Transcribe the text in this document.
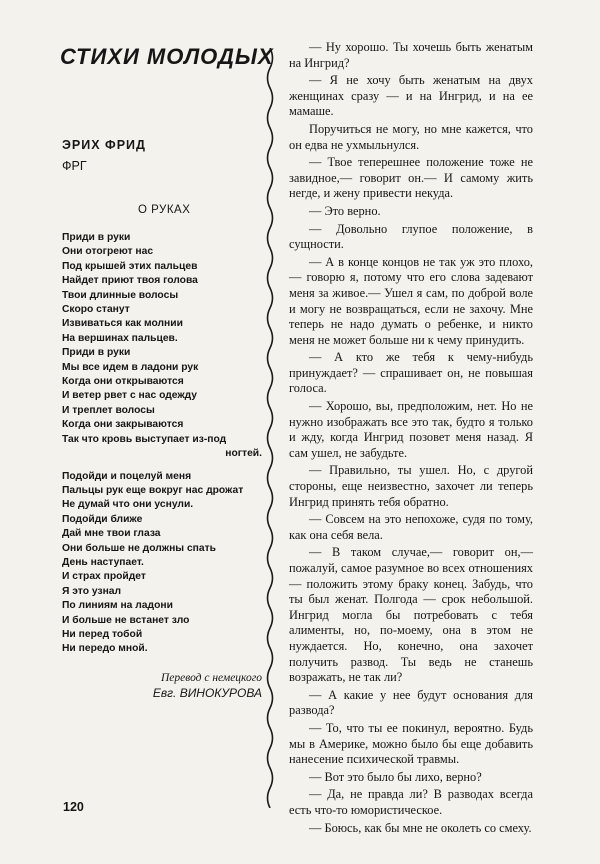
СТИХИ МОЛОДЫХ
ЭРИХ ФРИД
ФРГ
О РУКАХ
Приди в руки
Они отогреют нас
Под крышей этих пальцев
Найдет приют твоя голова
Твои длинные волосы
Скоро станут
Извиваться как молнии
На вершинах пальцев.
Приди в руки
Мы все идем в ладони рук
Когда они открываются
И ветер рвет с нас одежду
И треплет волосы
Когда они закрываются
Так что кровь выступает из-под
ногтей.
Подойди и поцелуй меня
Пальцы рук еще вокруг нас дрожат
Не думай что они уснули.
Подойди ближе
Дай мне твои глаза
Они больше не должны спать
День наступает.
И страх пройдет
Я это узнал
По линиям на ладони
И больше не встанет зло
Ни перед тобой
Ни передо мной.
Перевод с немецкого
Евг. ВИНОКУРОВА

— Ну хорошо. Ты хочешь быть женатым на Ингрид?

— Я не хочу быть женатым на двух женщинах сразу — и на Ингрид, и на ее мамаше.

Поручиться не могу, но мне кажется, что он едва не ухмыльнулся.

— Твое теперешнее положение тоже не завидное,— говорит он.— И самому жить негде, и жену привести некуда.

— Это верно.

— Довольно глупое положение, в сущности.

— А в конце концов не так уж это плохо,— говорю я, потому что его слова задевают меня за живое.— Ушел я сам, по доброй воле и могу не возвращаться, если не захочу. Мне теперь не надо думать о ребенке, и никто меня не может больше ни к чему принудить.

— А кто же тебя к чему-нибудь принуждает? — спрашивает он, не повышая голоса.

— Хорошо, вы, предположим, нет. Но не нужно изображать все это так, будто я только и жду, когда Ингрид позовет меня назад. Я сам ушел, не забудьте.

— Правильно, ты ушел. Но, с другой стороны, еще неизвестно, захочет ли теперь Ингрид принять тебя обратно.

— Совсем на это непохоже, судя по тому, как она себя вела.

— В таком случае,— говорит он,— пожалуй, самое разумное во всех отношениях — положить этому браку конец. Забудь, что ты был женат. Полгода — срок небольшой. Ингрид могла бы потребовать с тебя алименты, но, по-моему, она в этом не нуждается. Но, конечно, она захочет получить развод. Ты ведь не станешь возражать, не так ли?

— А какие у нее будут основания для развода?

— То, что ты ее покинул, вероятно. Будь мы в Америке, можно было бы еще добавить нанесение психической травмы.

— Вот это было бы лихо, верно?

— Да, не правда ли? В разводах всегда есть что-то юмористическое.

— Боюсь, как бы мне не околеть со смеху.

120
